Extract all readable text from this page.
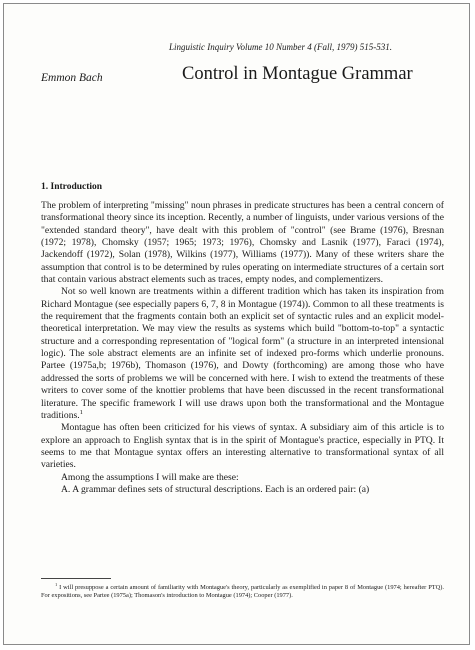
Linguistic Inquiry Volume 10 Number 4 (Fall, 1979) 515-531.
Emmon Bach	Control in Montague Grammar
1. Introduction

The problem of interpreting "missing" noun phrases in predicate structures has been a central concern of transformational theory since its inception. Recently, a number of linguists, under various versions of the "extended standard theory", have dealt with this problem of "control" (see Brame (1976), Bresnan (1972; 1978), Chomsky (1957; 1965; 1973; 1976), Chomsky and Lasnik (1977), Faraci (1974), Jackendoff (1972), Solan (1978), Wilkins (1977), Williams (1977)). Many of these writers share the assumption that control is to be determined by rules operating on intermediate structures of a certain sort that contain various abstract elements such as traces, empty nodes, and complementizers.

Not so well known are treatments within a different tradition which has taken its inspiration from Richard Montague (see especially papers 6, 7, 8 in Montague (1974)). Common to all these treatments is the requirement that the fragments contain both an explicit set of syntactic rules and an explicit model-theoretical interpretation. We may view the results as systems which build "bottom-to-top" a syntactic structure and a corresponding representation of "logical form" (a structure in an interpreted intensional logic). The sole abstract elements are an infinite set of indexed pro-forms which underlie pronouns. Partee (1975a,b; 1976b), Thomason (1976), and Dowty (forthcoming) are among those who have addressed the sorts of problems we will be concerned with here. I wish to extend the treatments of these writers to cover some of the knottier problems that have been discussed in the recent transformational literature. The specific framework I will use draws upon both the transformational and the Montague traditions.$^1$

Montague has often been criticized for his views of syntax. A subsidiary aim of this article is to explore an approach to English syntax that is in the spirit of Montague's practice, especially in PTQ. It seems to me that Montague syntax offers an interesting alternative to transformational syntax of all varieties.

Among the assumptions I will make are these:

A. A grammar defines sets of structural descriptions. Each is an ordered pair: (a)

$^1$ I will presuppose a certain amount of familiarity with Montague's theory, particularly as exemplified in paper 8 of Montague (1974; hereafter PTQ). For expositions, see Partee (1975a); Thomason's introduction to Montague (1974); Cooper (1977).
